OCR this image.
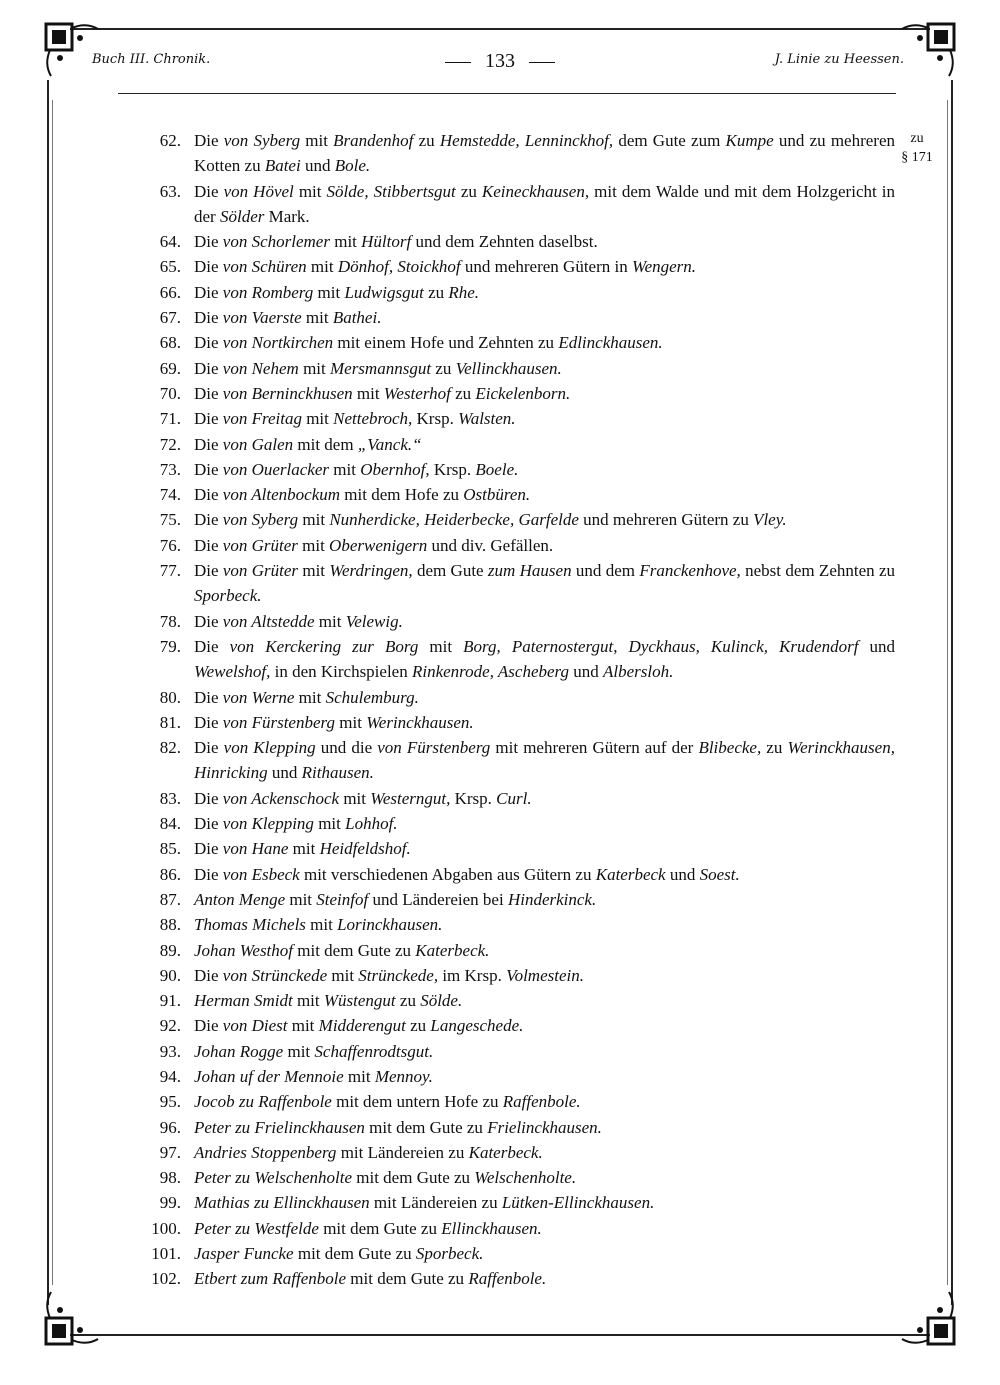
Buch III. Chronik.	133	J. Linie zu Heessen.
zu
§ 171
62. Die von Syberg mit Brandenhof zu Hemstedde, Lenninckhof, dem Gute zum Kumpe und zu mehreren Kotten zu Batei und Bole.
63. Die von Hövel mit Sölde, Stibbertsgut zu Keineckhausen, mit dem Walde und mit dem Holzgericht in der Sölder Mark.
64. Die von Schorlemer mit Hültorf und dem Zehnten daselbst.
65. Die von Schüren mit Dönhof, Stoickhof und mehreren Gütern in Wengern.
66. Die von Romberg mit Ludwigsgut zu Rhe.
67. Die von Vaerste mit Bathei.
68. Die von Nortkirchen mit einem Hofe und Zehnten zu Edlinckhausen.
69. Die von Nehem mit Mersmannsgut zu Vellinckhausen.
70. Die von Berninckhusen mit Westerhof zu Eickelenborn.
71. Die von Freitag mit Nettebroch, Krsp. Walsten.
72. Die von Galen mit dem „Vanck.“
73. Die von Ouerlacker mit Obernhof, Krsp. Boele.
74. Die von Altenbockum mit dem Hofe zu Ostbüren.
75. Die von Syberg mit Nunherdicke, Heiderbecke, Garfelde und mehreren Gütern zu Vley.
76. Die von Grüter mit Oberwenigern und div. Gefällen.
77. Die von Grüter mit Werdringen, dem Gute zum Hausen und dem Franckenhove, nebst dem Zehnten zu Sporbeck.
78. Die von Altstedde mit Velewig.
79. Die von Kerckering zur Borg mit Borg, Paternostergut, Dyckhaus, Kulinck, Krudendorf und Wewelshof, in den Kirchspielen Rinkenrode, Ascheberg und Albersloh.
80. Die von Werne mit Schulemburg.
81. Die von Fürstenberg mit Werinckhausen.
82. Die von Klepping und die von Fürstenberg mit mehreren Gütern auf der Blibecke, zu Werinckhausen, Hinricking und Rithausen.
83. Die von Ackenschock mit Westerngut, Krsp. Curl.
84. Die von Klepping mit Lohhof.
85. Die von Hane mit Heidfeldshof.
86. Die von Esbeck mit verschiedenen Abgaben aus Gütern zu Katerbeck und Soest.
87. Anton Menge mit Steinfof und Ländereien bei Hinderkinck.
88. Thomas Michels mit Lorinckhausen.
89. Johan Westhof mit dem Gute zu Katerbeck.
90. Die von Strünckede mit Strünckede, im Krsp. Volmestein.
91. Herman Smidt mit Wüstengut zu Sölde.
92. Die von Diest mit Midderengut zu Langeschede.
93. Johan Rogge mit Schaffenrodtsgut.
94. Johan uf der Mennoie mit Mennoy.
95. Jocob zu Raffenbole mit dem untern Hofe zu Raffenbole.
96. Peter zu Frielinckhausen mit dem Gute zu Frielinckhausen.
97. Andries Stoppenberg mit Ländereien zu Katerbeck.
98. Peter zu Welschenholte mit dem Gute zu Welschenholte.
99. Mathias zu Ellinckhausen mit Ländereien zu Lütken-Ellinckhausen.
100. Peter zu Westfelde mit dem Gute zu Ellinckhausen.
101. Jasper Funcke mit dem Gute zu Sporbeck.
102. Etbert zum Raffenbole mit dem Gute zu Raffenbole.
